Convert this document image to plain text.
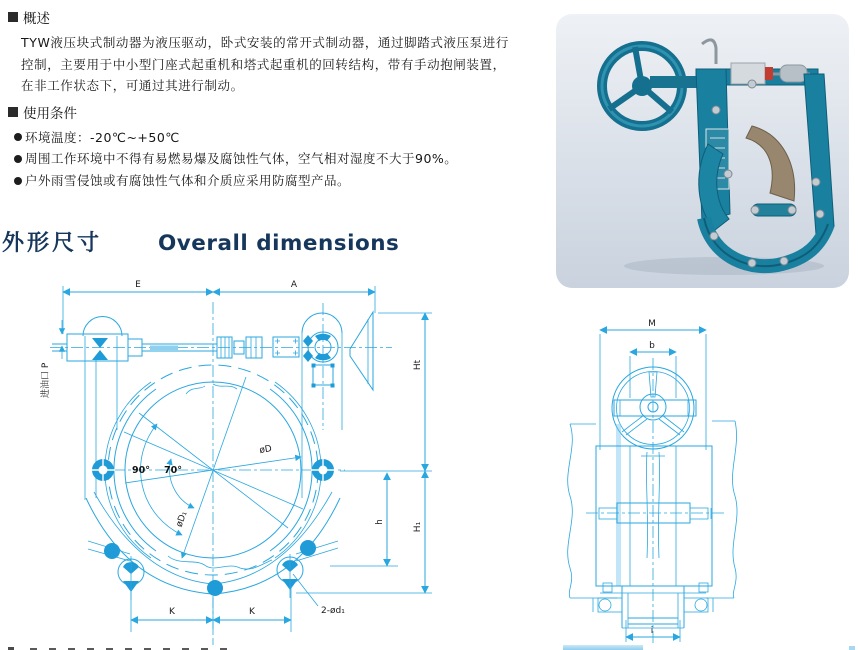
概述
TYW液压块式制动器为液压驱动，卧式安装的常开式制动器，通过脚踏式液压泵进行
控制，主要用于中小型门座式起重机和塔式起重机的回转结构，带有手动抱闸装置，
在非工作状态下，可通过其进行制动。
使用条件
环境温度：-20℃~+50℃
周围工作环境中不得有易燃易爆及腐蚀性气体，空气相对湿度不大于90%。
户外雨雪侵蚀或有腐蚀性气体和介质应采用防腐型产品。
外形尺寸	Overall dimensions
E	A
进油口 P
90° 70°
øD
øD₁
K	K	2-ød₁
Ht
H₁
h
M
b
i
